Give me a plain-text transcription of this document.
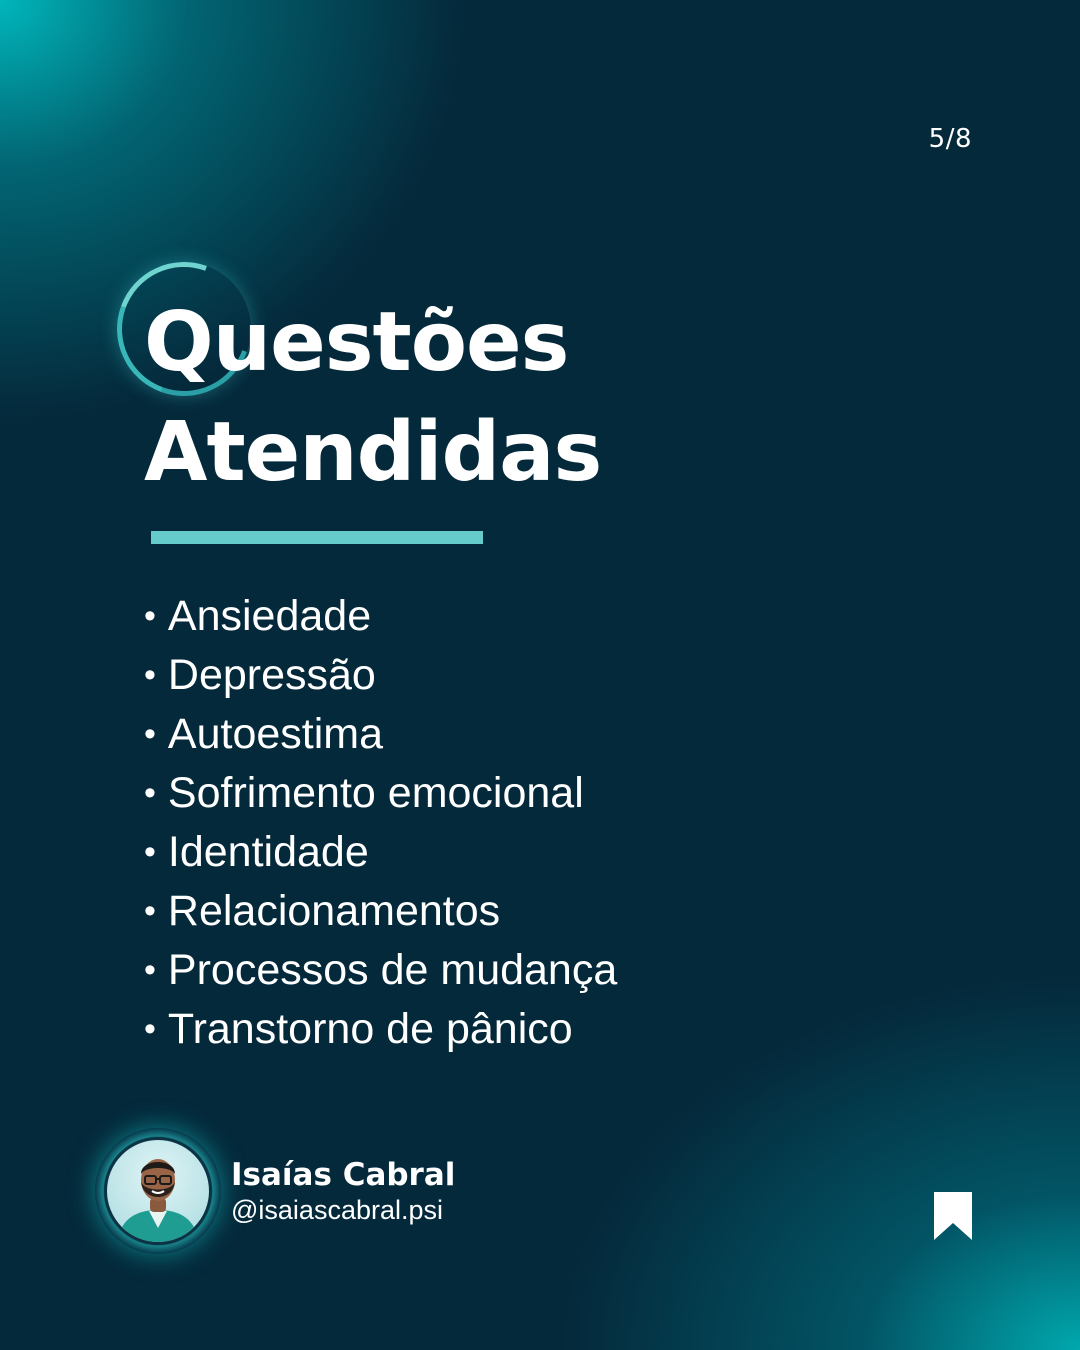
5/8
Questões
Atendidas
• Ansiedade
• Depressão
• Autoestima
• Sofrimento emocional
• Identidade
• Relacionamentos
• Processos de mudança
• Transtorno de pânico
Isaías Cabral
@isaiascabral.psi
